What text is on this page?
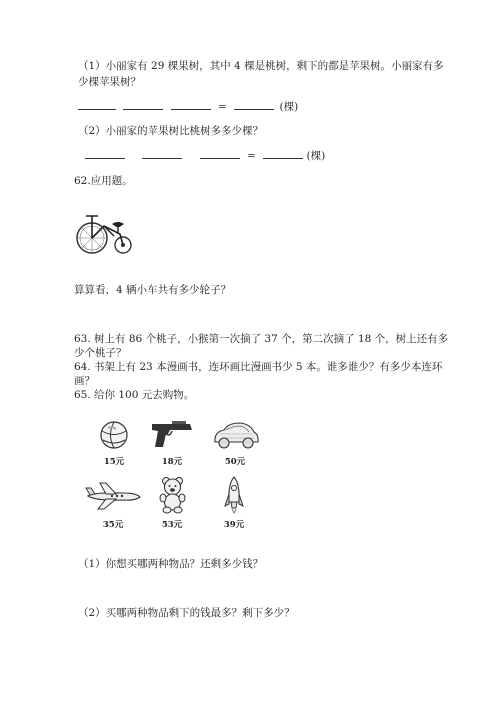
（1）小丽家有 29 棵果树，其中 4 棵是桃树，剩下的都是苹果树。小丽家有多
少棵苹果树？
=	(棵)
（2）小丽家的苹果树比桃树多多少棵？
=	(棵)
62.应用题。
算算看，4 辆小车共有多少轮子？
63. 树上有 86 个桃子，小猴第一次摘了 37 个，第二次摘了 18 个，树上还有多
少个桃子？
64. 书架上有 23 本漫画书，连环画比漫画书少 5 本。谁多谁少？有多少本连环
画？
65. 给你 100 元去购物。
15元	18元	50元
35元	53元	39元
（1）你想买哪两种物品？还剩多少钱？
（2）买哪两种物品剩下的钱最多？剩下多少？
